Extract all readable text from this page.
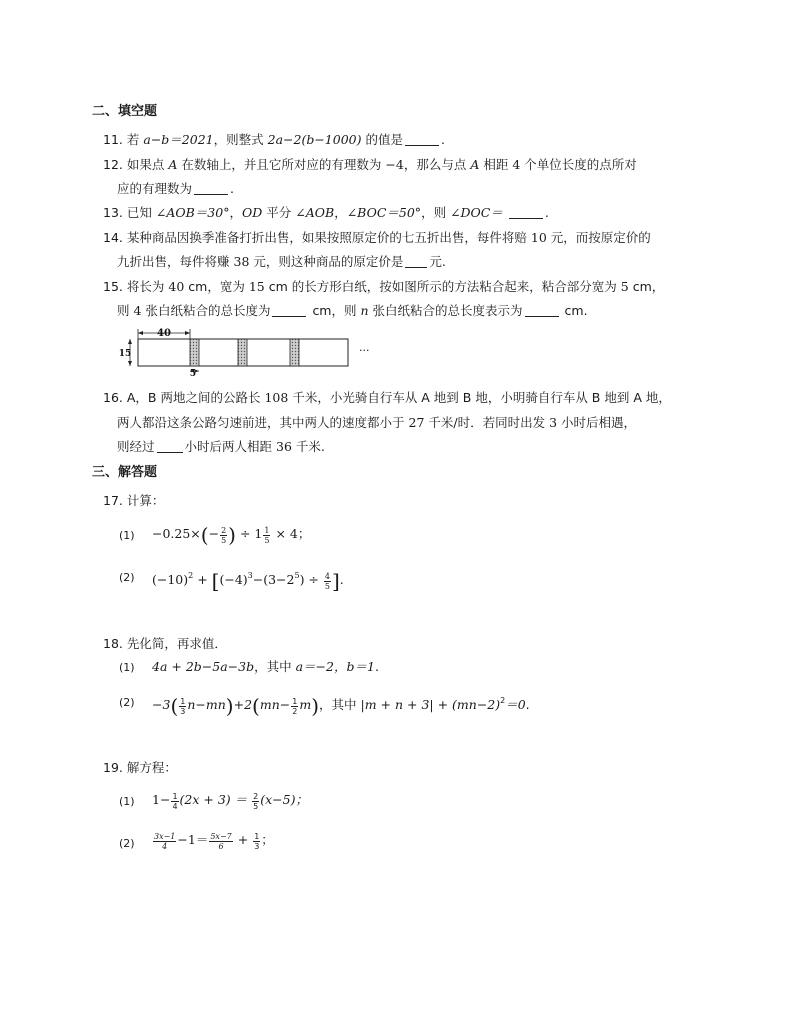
二、填空题
11. 若 a−b＝2021，则整式 2a−2(b−1000) 的值是	.
12. 如果点 A 在数轴上，并且它所对应的有理数为 −4，那么与点 A 相距 4 个单位长度的点所对
应的有理数为	.
13. 已知 ∠AOB＝30°，OD 平分 ∠AOB，∠BOC＝50°，则 ∠DOC＝	.
14. 某种商品因换季准备打折出售，如果按照原定价的七五折出售，每件将赔 10 元，而按原定价的
九折出售，每件将赚 38 元，则这种商品的原定价是 元.
15. 将长为 40 cm，宽为 15 cm 的长方形白纸，按如图所示的方法粘合起来，粘合部分宽为 5 cm，
则 4 张白纸粘合的总长度为	cm，则 n 张白纸粘合的总长度表示为	cm.
40
15
5
···
16. A，B 两地之间的公路长 108 千米，小光骑自行车从 A 地到 B 地，小明骑自行车从 B 地到 A 地，
两人都沿这条公路匀速前进，其中两人的速度都小于 27 千米/时．若同时出发 3 小时后相遇，
则经过 小时后两人相距 36 千米.
三、解答题
17. 计算：
$(1) -0.25\times(- \frac{2}{5}$ ) ÷ $1 \frac{1}{5} \times 4$；
(2) $(-10)^2 + [(-4)^3-(3-2^5) \div \frac{4}{5}$ ].
18. 先化简，再求值．
(1) 4a + 2b−5a−3b，其中 a＝−2，b＝1.
$(2) -3( \frac{1}{3} n-mn)+2(mn- \frac{1}{2} m)$，其中 $|m + n + 3| + (mn-2)^2=0$.
19. 解方程：
(1) $1- \frac{1}{4} (2x + 3) = \frac{2}{5} (x-5)$；
$(2) \frac{3x-1}{4} -1= \frac{5x-7}{6} + \frac{1}{3}$ ；
